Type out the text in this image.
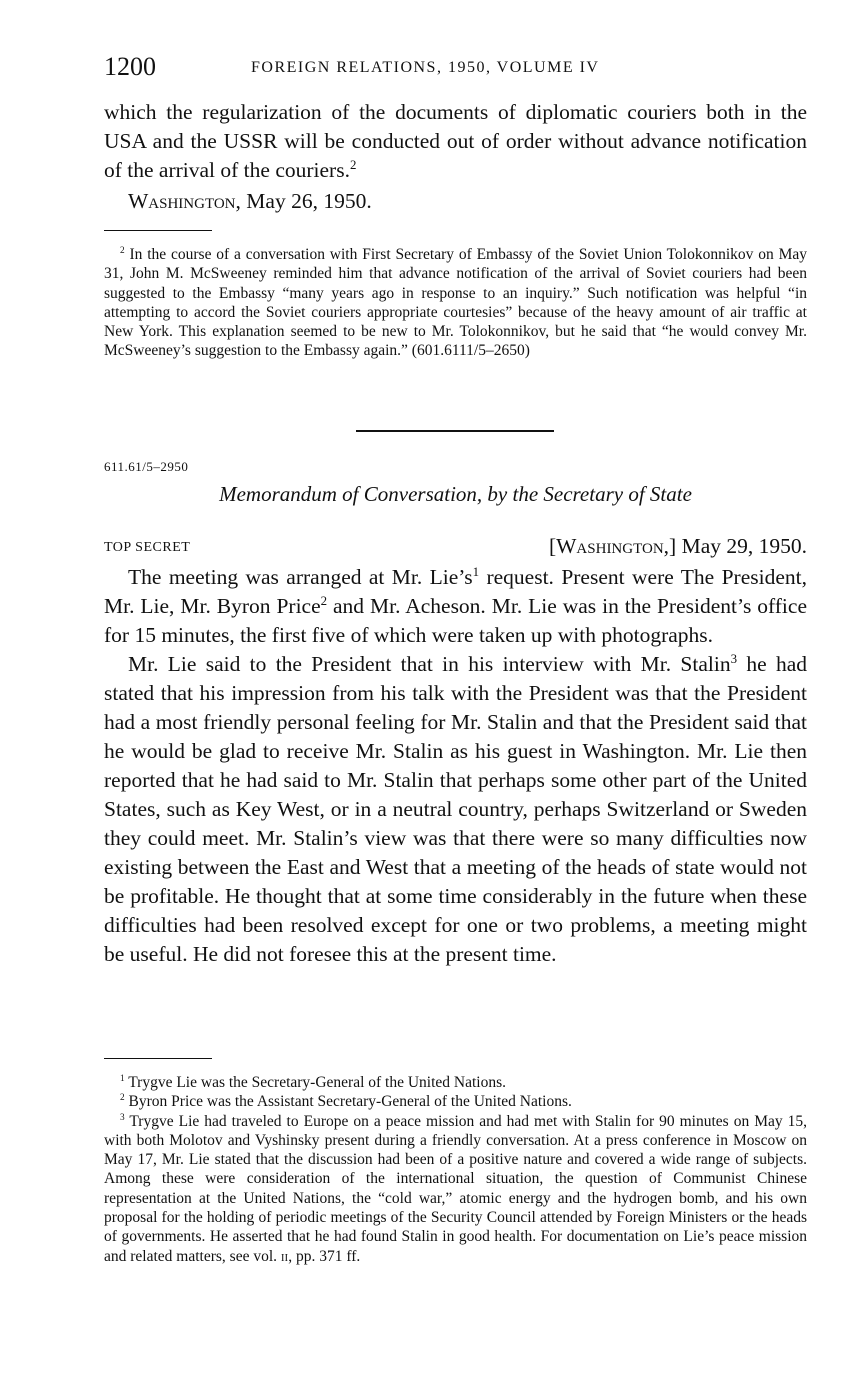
1200	FOREIGN RELATIONS, 1950, VOLUME IV

which the regularization of the documents of diplomatic couriers both in the USA and the USSR will be conducted out of order without advance notification of the arrival of the couriers.$^2$

Washington, May 26, 1950.

$^2$ In the course of a conversation with First Secretary of Embassy of the Soviet Union Tolokonnikov on May 31, John M. McSweeney reminded him that advance notification of the arrival of Soviet couriers had been suggested to the Embassy “many years ago in response to an inquiry.” Such notification was helpful “in attempting to accord the Soviet couriers appropriate courtesies” because of the heavy amount of air traffic at New York. This explanation seemed to be new to Mr. Tolokonnikov, but he said that “he would convey Mr. McSweeney’s suggestion to the Embassy again.” (601.6111/5–2650)

611.61/5–2950
Memorandum of Conversation, by the Secretary of State
TOP SECRET	[Washington,] May 29, 1950.

The meeting was arranged at Mr. $Lie’s^1$ request. Present were The President, Mr. Lie, Mr. Byron Price$^2$ and Mr. Acheson. Mr. Lie was in the President’s office for 15 minutes, the first five of which were taken up with photographs.

Mr. Lie said to the President that in his interview with Mr. Stalin$^3$ he had stated that his impression from his talk with the President was that the President had a most friendly personal feeling for Mr. Stalin and that the President said that he would be glad to receive Mr. Stalin as his guest in Washington. Mr. Lie then reported that he had said to Mr. Stalin that perhaps some other part of the United States, such as Key West, or in a neutral country, perhaps Switzerland or Sweden they could meet. Mr. Stalin’s view was that there were so many difficulties now existing between the East and West that a meeting of the heads of state would not be profitable. He thought that at some time considerably in the future when these difficulties had been resolved except for one or two problems, a meeting might be useful. He did not foresee this at the present time.

$^1$ Trygve Lie was the Secretary-General of the United Nations.

$^2$ Byron Price was the Assistant Secretary-General of the United Nations.

$^3$ Trygve Lie had traveled to Europe on a peace mission and had met with Stalin for 90 minutes on May 15, with both Molotov and Vyshinsky present during a friendly conversation. At a press conference in Moscow on May 17, Mr. Lie stated that the discussion had been of a positive nature and covered a wide range of subjects. Among these were consideration of the international situation, the question of Communist Chinese representation at the United Nations, the “cold war,” atomic energy and the hydrogen bomb, and his own proposal for the holding of periodic meetings of the Security Council attended by Foreign Ministers or the heads of governments. He asserted that he had found Stalin in good health. For documentation on Lie’s peace mission and related matters, see vol. ii, pp. 371 ff.
